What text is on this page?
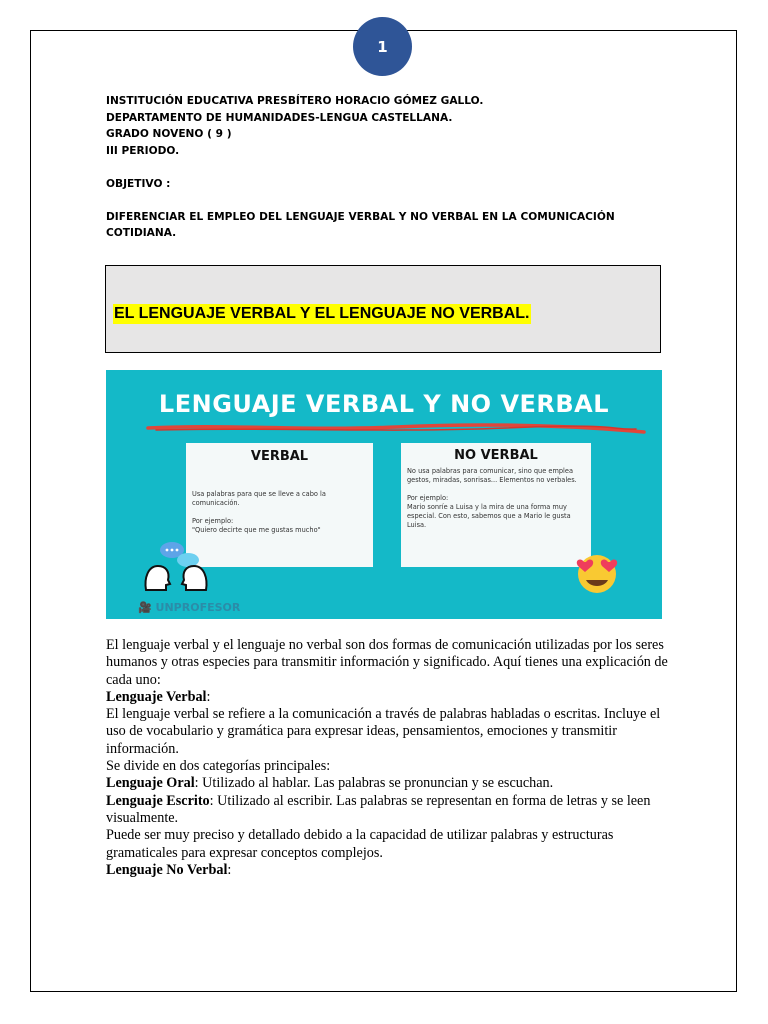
1

INSTITUCIÓN EDUCATIVA PRESBÍTERO HORACIO GÓMEZ GALLO.

DEPARTAMENTO DE HUMANIDADES-LENGUA CASTELLANA.

GRADO NOVENO ( 9 )

III PERIODO.

OBJETIVO :

DIFERENCIAR EL EMPLEO DEL LENGUAJE VERBAL Y NO VERBAL EN LA COMUNICACIÓN COTIDIANA.

EL LENGUAJE VERBAL Y EL LENGUAJE NO VERBAL.

LENGUAJE VERBAL Y NO VERBAL

VERBAL

Usa palabras para que se lleve a cabo la comunicación.

Por ejemplo:

"Quiero decirte que me gustas mucho"

NO VERBAL

No usa palabras para comunicar, sino que emplea gestos, miradas, sonrisas... Elementos no verbales.

Por ejemplo:

Mario sonríe a Luisa y la mira de una forma muy especial. Con esto, sabemos que a Mario le gusta Luisa.

🎥 UNPROFESOR

El lenguaje verbal y el lenguaje no verbal son dos formas de comunicación utilizadas por los seres humanos y otras especies para transmitir información y significado. Aquí tienes una explicación de cada uno:

Lenguaje Verbal:

El lenguaje verbal se refiere a la comunicación a través de palabras habladas o escritas. Incluye el uso de vocabulario y gramática para expresar ideas, pensamientos, emociones y transmitir información.

Se divide en dos categorías principales:

Lenguaje Oral: Utilizado al hablar. Las palabras se pronuncian y se escuchan.

Lenguaje Escrito: Utilizado al escribir. Las palabras se representan en forma de letras y se leen visualmente.

Puede ser muy preciso y detallado debido a la capacidad de utilizar palabras y estructuras gramaticales para expresar conceptos complejos.

Lenguaje No Verbal:
